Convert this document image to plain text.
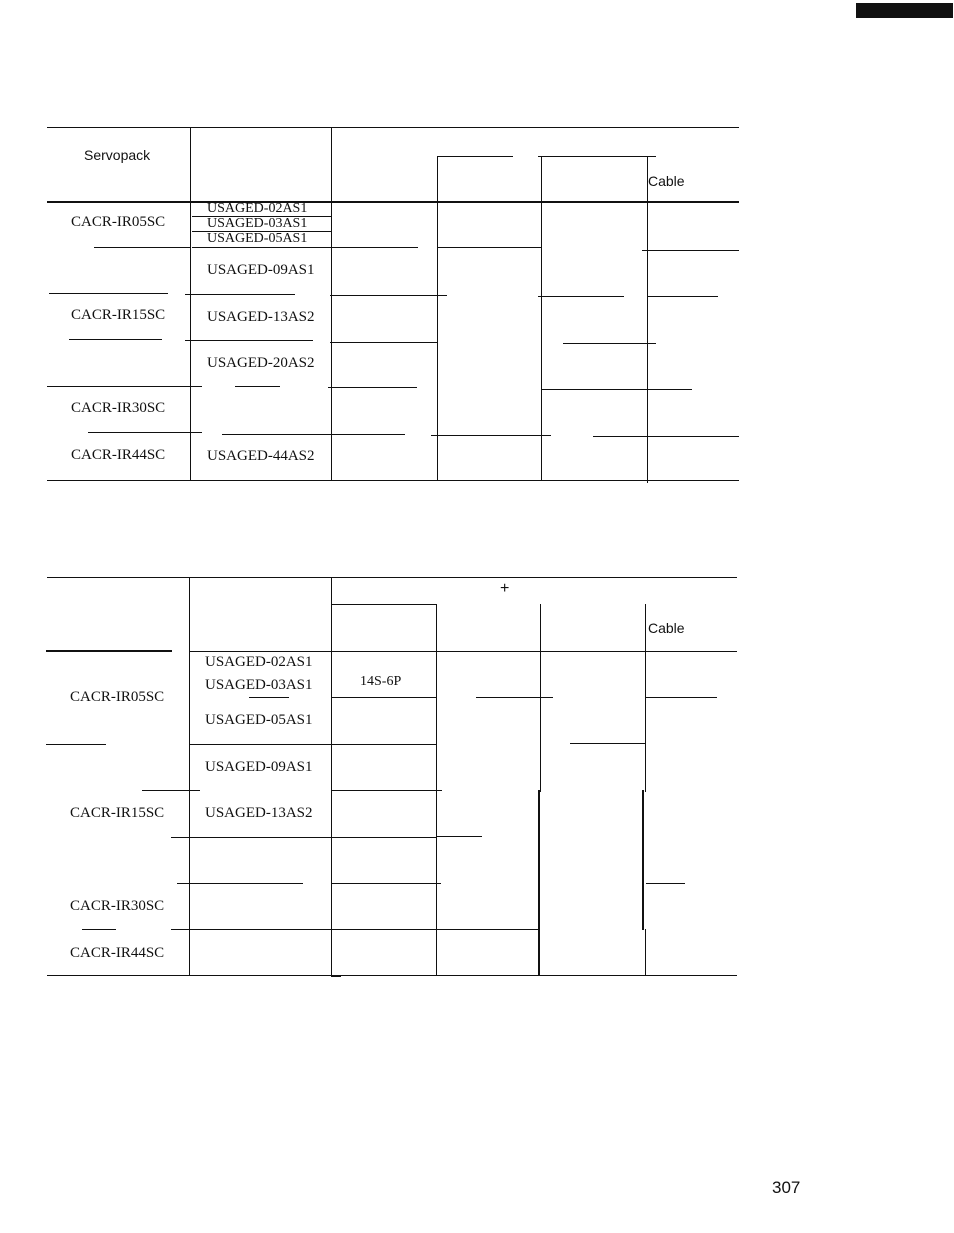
Servopack
Cable
CACR-IR05SC
CACR-IR15SC
CACR-IR30SC
CACR-IR44SC
USAGED-02AS1
USAGED-03AS1
USAGED-05AS1
USAGED-09AS1
USAGED-13AS2
USAGED-20AS2
USAGED-44AS2
+
Cable
CACR-IR05SC
CACR-IR15SC
CACR-IR30SC
CACR-IR44SC
USAGED-02AS1
USAGED-03AS1
USAGED-05AS1
USAGED-09AS1
USAGED-13AS2
14S-6P
307
